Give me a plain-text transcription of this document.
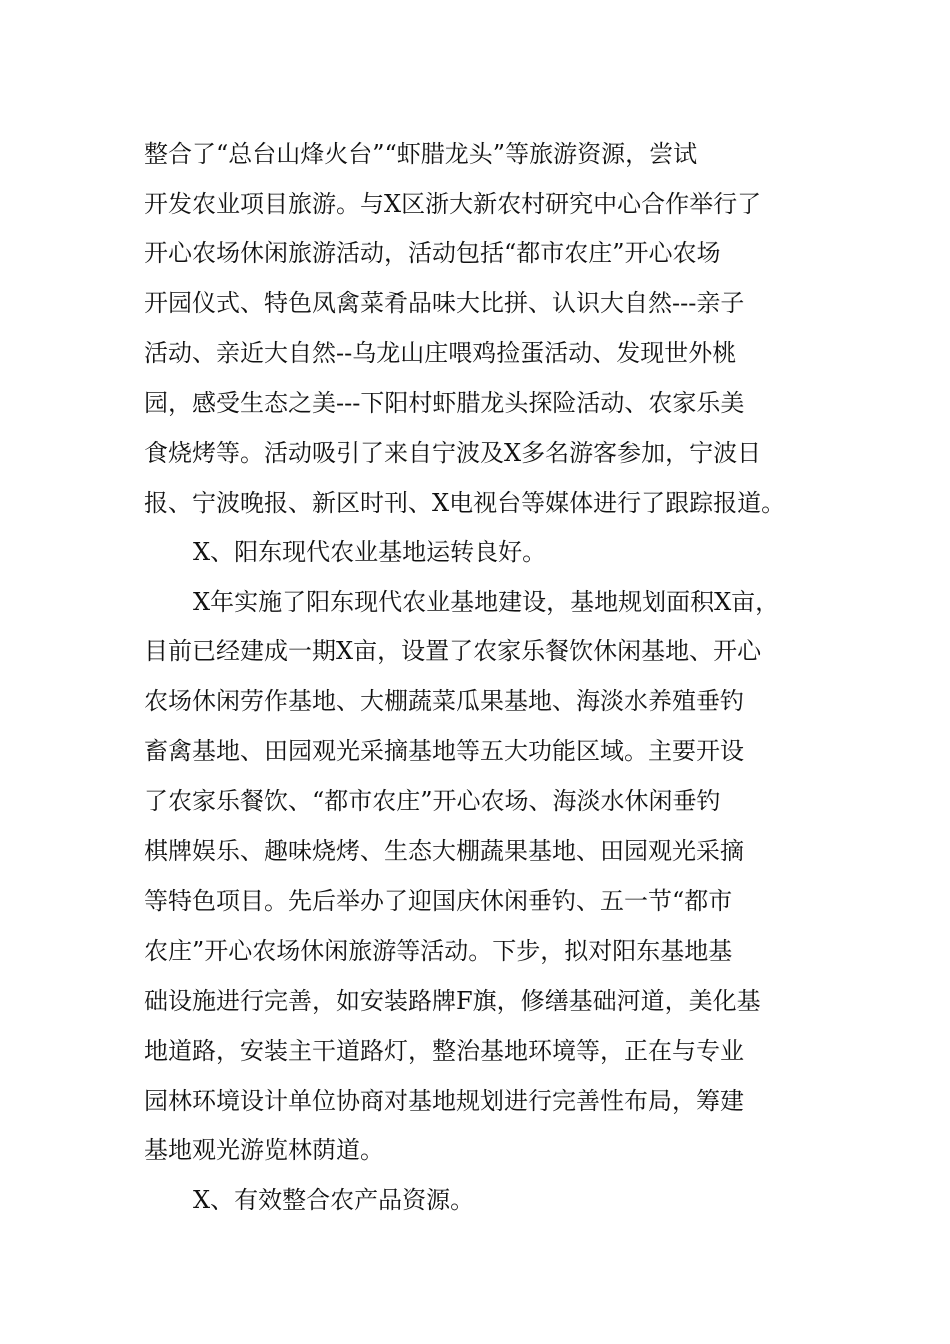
整合了“总台山烽火台”“虾腊龙头”等旅游资源，尝试
开发农业项目旅游。与X区浙大新农村研究中心合作举行了
开心农场休闲旅游活动，活动包括“都市农庄”开心农场
开园仪式、特色凤禽菜肴品味大比拼、认识大自然---亲子
活动、亲近大自然--乌龙山庄喂鸡捡蛋活动、发现世外桃
园，感受生态之美---下阳村虾腊龙头探险活动、农家乐美
食烧烤等。活动吸引了来自宁波及X多名游客参加，宁波日
报、宁波晚报、新区时刊、X电视台等媒体进行了跟踪报道。
X、阳东现代农业基地运转良好。
X年实施了阳东现代农业基地建设，基地规划面积X亩，
目前已经建成一期X亩，设置了农家乐餐饮休闲基地、开心
农场休闲劳作基地、大棚蔬菜瓜果基地、海淡水养殖垂钓
畜禽基地、田园观光采摘基地等五大功能区域。主要开设
了农家乐餐饮、“都市农庄”开心农场、海淡水休闲垂钓
棋牌娱乐、趣味烧烤、生态大棚蔬果基地、田园观光采摘
等特色项目。先后举办了迎国庆休闲垂钓、五一节“都市
农庄”开心农场休闲旅游等活动。下步，拟对阳东基地基
础设施进行完善，如安装路牌F旗，修缮基础河道，美化基
地道路，安装主干道路灯，整治基地环境等，正在与专业
园林环境设计单位协商对基地规划进行完善性布局，筹建
基地观光游览林荫道。
X、有效整合农产品资源。
